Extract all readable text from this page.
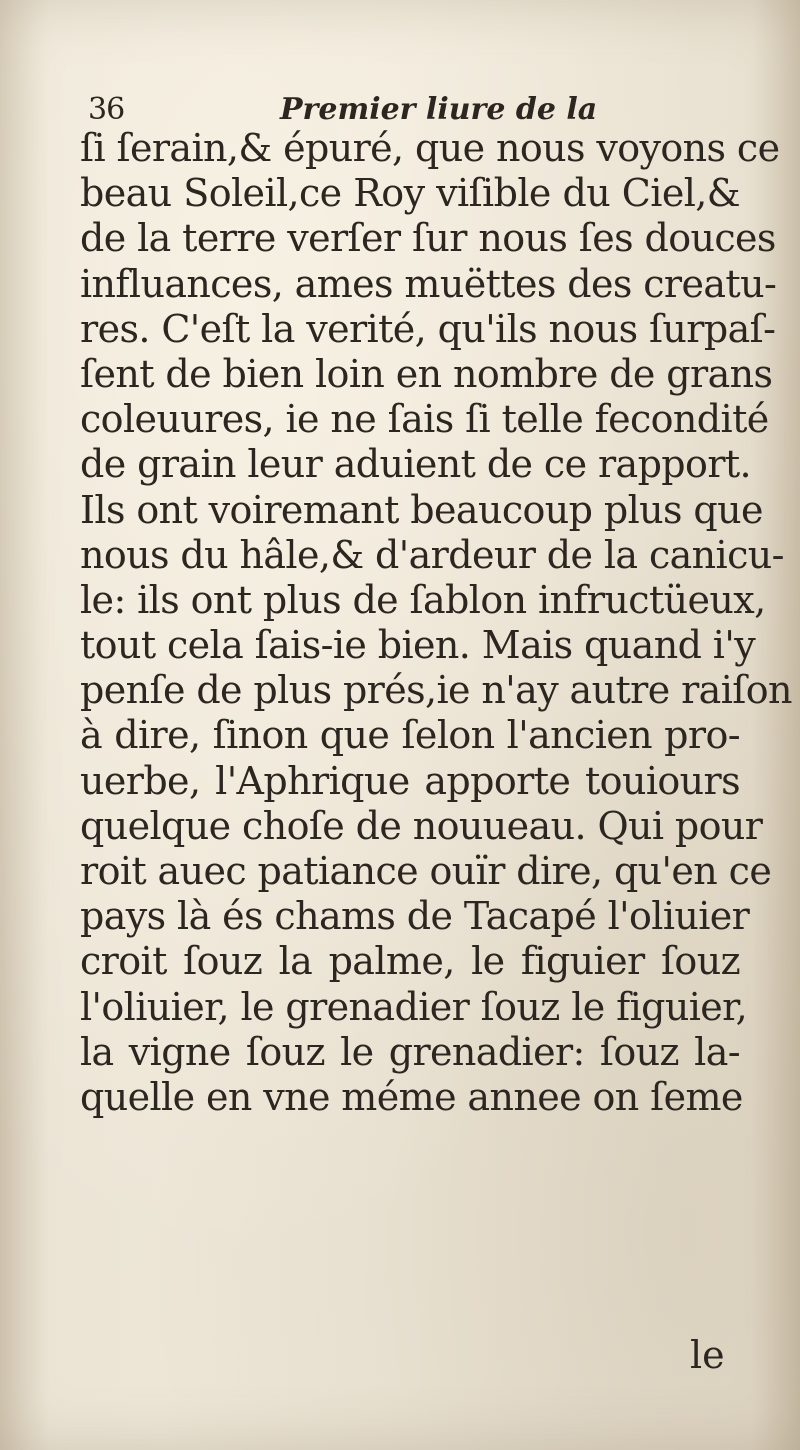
36	Premier liure de la
ſi ſerain,& épuré, que nous voyons ce
beau Soleil,ce Roy viſible du Ciel,&
de la terre verſer ſur nous ſes douces
influances, ames muëttes des creatu-
res. C'eſt la verité, qu'ils nous ſurpaſ-
ſent de bien loin en nombre de grans
coleuures, ie ne ſais ſi telle fecondité
de grain leur aduient de ce rapport.
Ils ont voiremant beaucoup plus que
nous du hâle,& d'ardeur de la canicu-
le: ils ont plus de ſablon infructüeux,
tout cela ſais-ie bien. Mais quand i'y
penſe de plus prés,ie n'ay autre raiſon
à dire, ſinon que ſelon l'ancien pro-
uerbe, l'Aphrique apporte touiours
quelque choſe de nouueau. Qui pour
roit auec patiance ouïr dire, qu'en ce
pays là és chams de Tacapé l'oliuier
croit ſouz la palme, le figuier ſouz
l'oliuier, le grenadier ſouz le figuier,
la vigne ſouz le grenadier: ſouz la-
quelle en vne méme annee on ſeme
le
